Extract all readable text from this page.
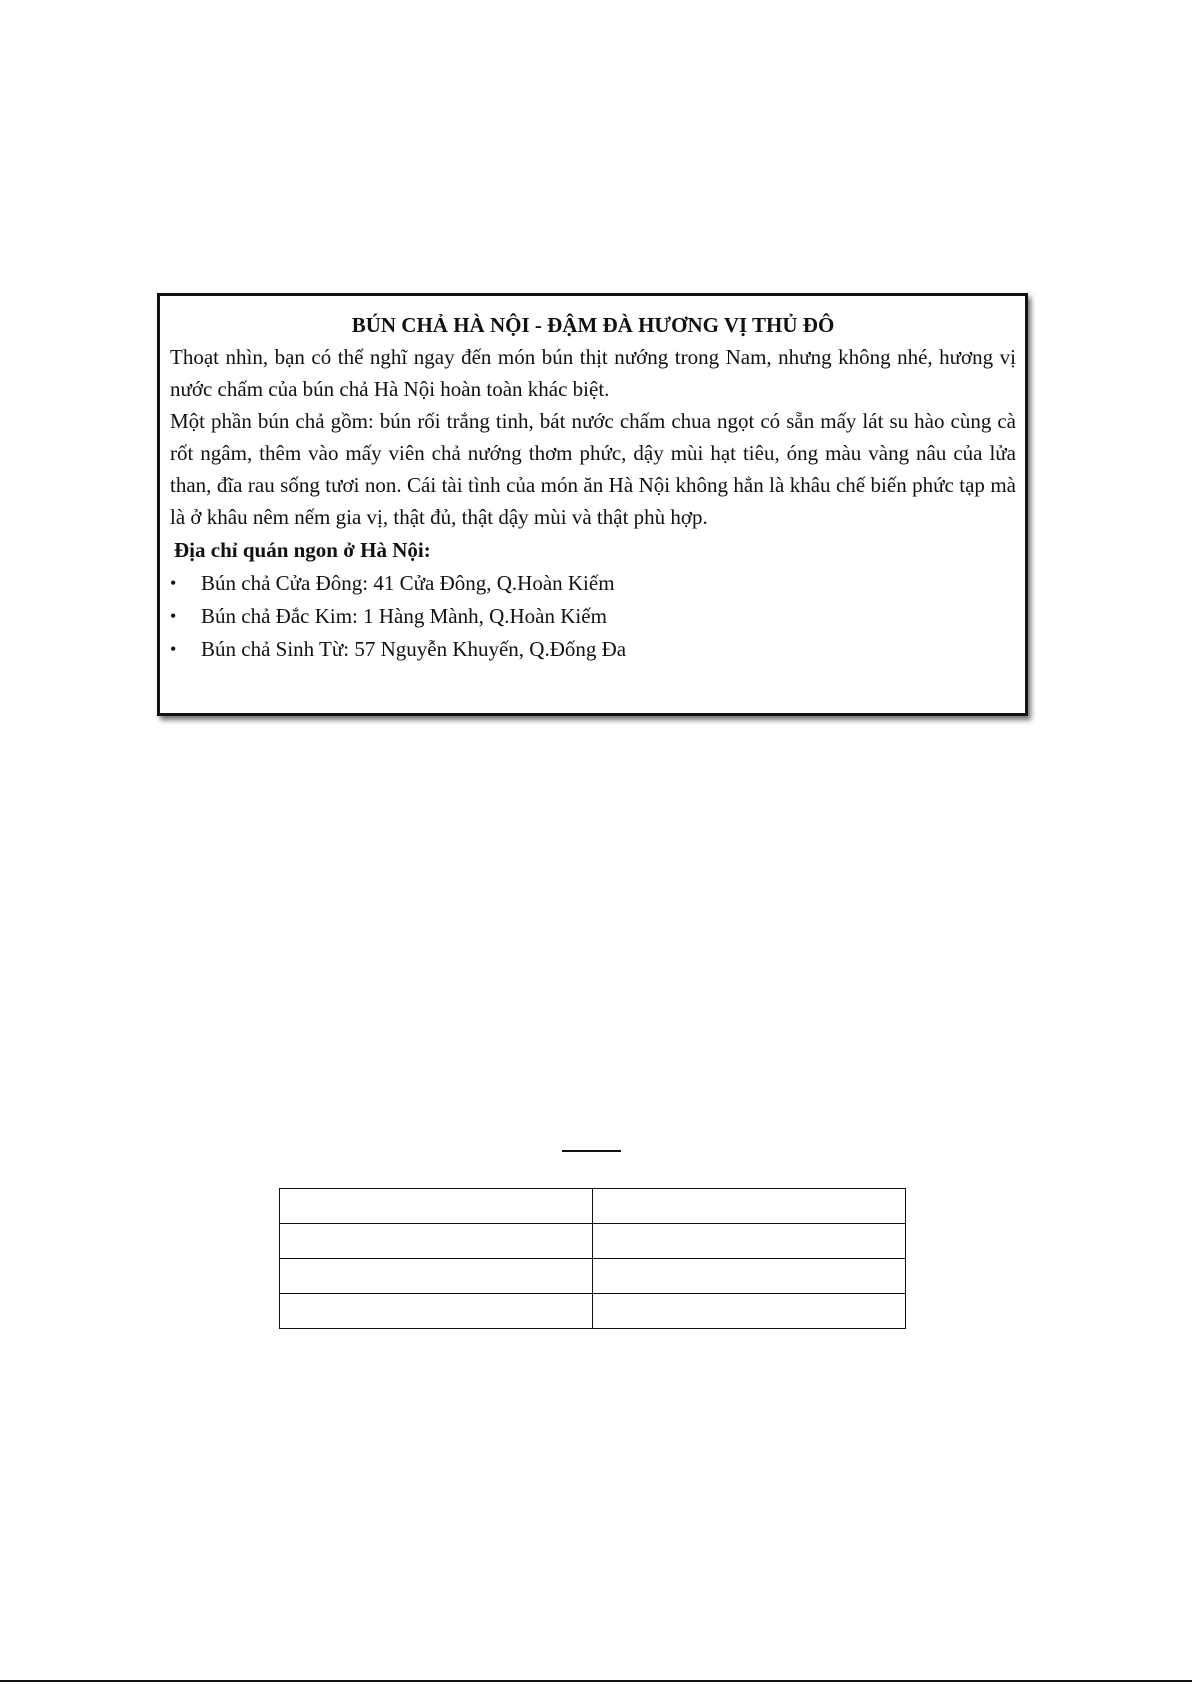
BÚN CHẢ HÀ NỘI - ĐẬM ĐÀ HƯƠNG VỊ THỦ ĐÔ

Thoạt nhìn, bạn có thể nghĩ ngay đến món bún thịt nướng trong Nam, nhưng không nhé, hương vị nước chấm của bún chả Hà Nội hoàn toàn khác biệt.

Một phần bún chả gồm: bún rối trắng tinh, bát nước chấm chua ngọt có sẵn mấy lát su hào cùng cà rốt ngâm, thêm vào mấy viên chả nướng thơm phức, dậy mùi hạt tiêu, óng màu vàng nâu của lửa than, đĩa rau sống tươi non. Cái tài tình của món ăn Hà Nội không hẳn là khâu chế biến phức tạp mà là ở khâu nêm nếm gia vị, thật đủ, thật dậy mùi và thật phù hợp.

Địa chỉ quán ngon ở Hà Nội:

• Bún chả Cửa Đông: 41 Cửa Đông, Q.Hoàn Kiếm
• Bún chả Đắc Kim: 1 Hàng Mành, Q.Hoàn Kiếm
• Bún chả Sinh Từ: 57 Nguyễn Khuyến, Q.Đống Đa
